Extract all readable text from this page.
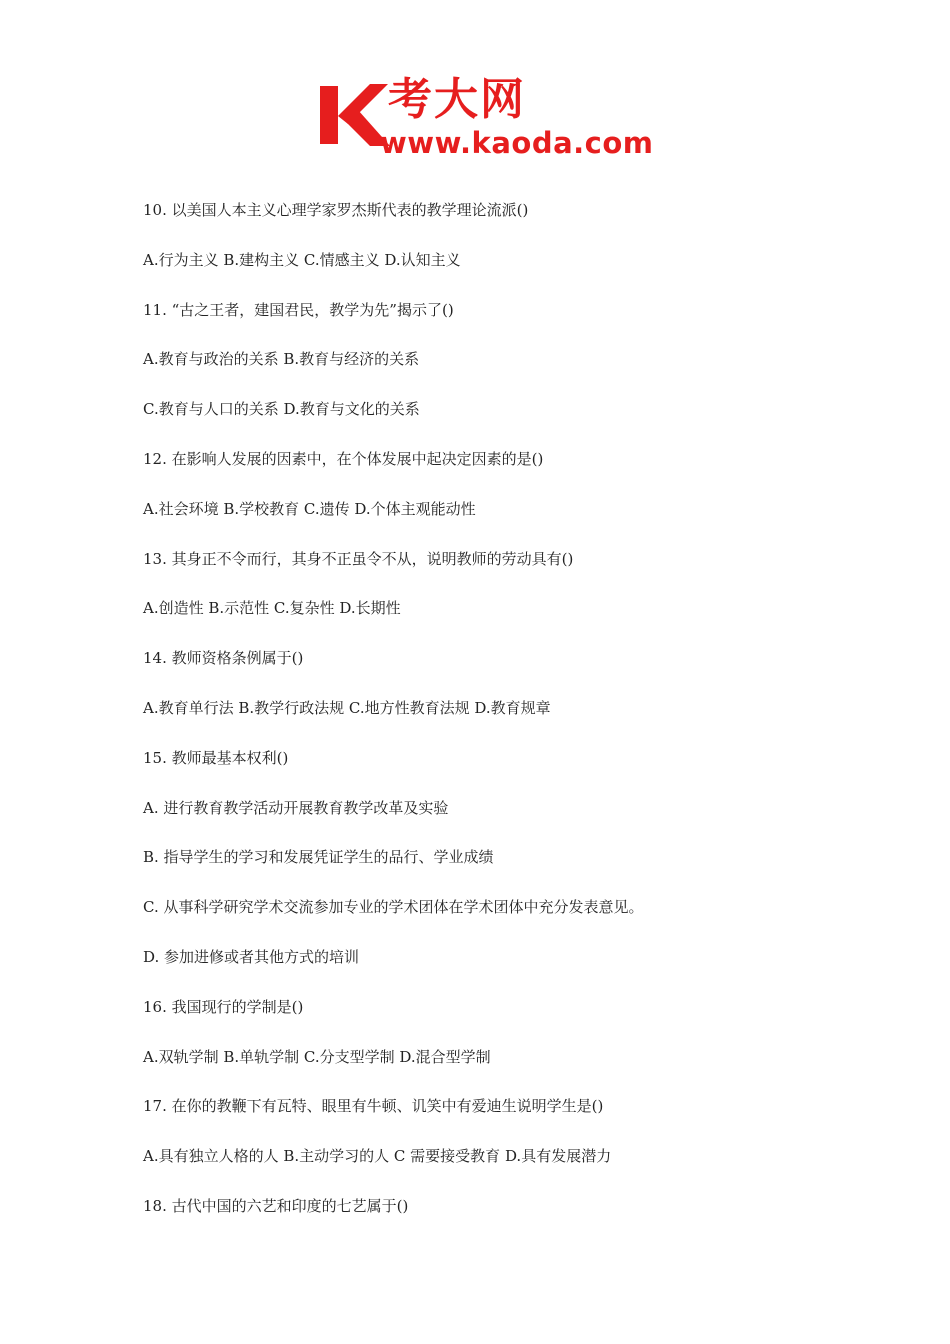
考大网
www.kaoda.com
10. 以美国人本主义心理学家罗杰斯代表的教学理论流派()
A.行为主义 B.建构主义 C.情感主义 D.认知主义
11. “古之王者，建国君民，教学为先”揭示了()
A.教育与政治的关系 B.教育与经济的关系
C.教育与人口的关系 D.教育与文化的关系
12. 在影响人发展的因素中，在个体发展中起决定因素的是()
A.社会环境 B.学校教育 C.遗传 D.个体主观能动性
13. 其身正不令而行，其身不正虽令不从，说明教师的劳动具有()
A.创造性 B.示范性 C.复杂性 D.长期性
14. 教师资格条例属于()
A.教育单行法 B.教学行政法规 C.地方性教育法规 D.教育规章
15. 教师最基本权利()
A. 进行教育教学活动开展教育教学改革及实验
B. 指导学生的学习和发展凭证学生的品行、学业成绩
C. 从事科学研究学术交流参加专业的学术团体在学术团体中充分发表意见。
D. 参加进修或者其他方式的培训
16. 我国现行的学制是()
A.双轨学制 B.单轨学制 C.分支型学制 D.混合型学制
17. 在你的教鞭下有瓦特、眼里有牛顿、讥笑中有爱迪生说明学生是()
A.具有独立人格的人 B.主动学习的人 C 需要接受教育 D.具有发展潜力
18. 古代中国的六艺和印度的七艺属于()
